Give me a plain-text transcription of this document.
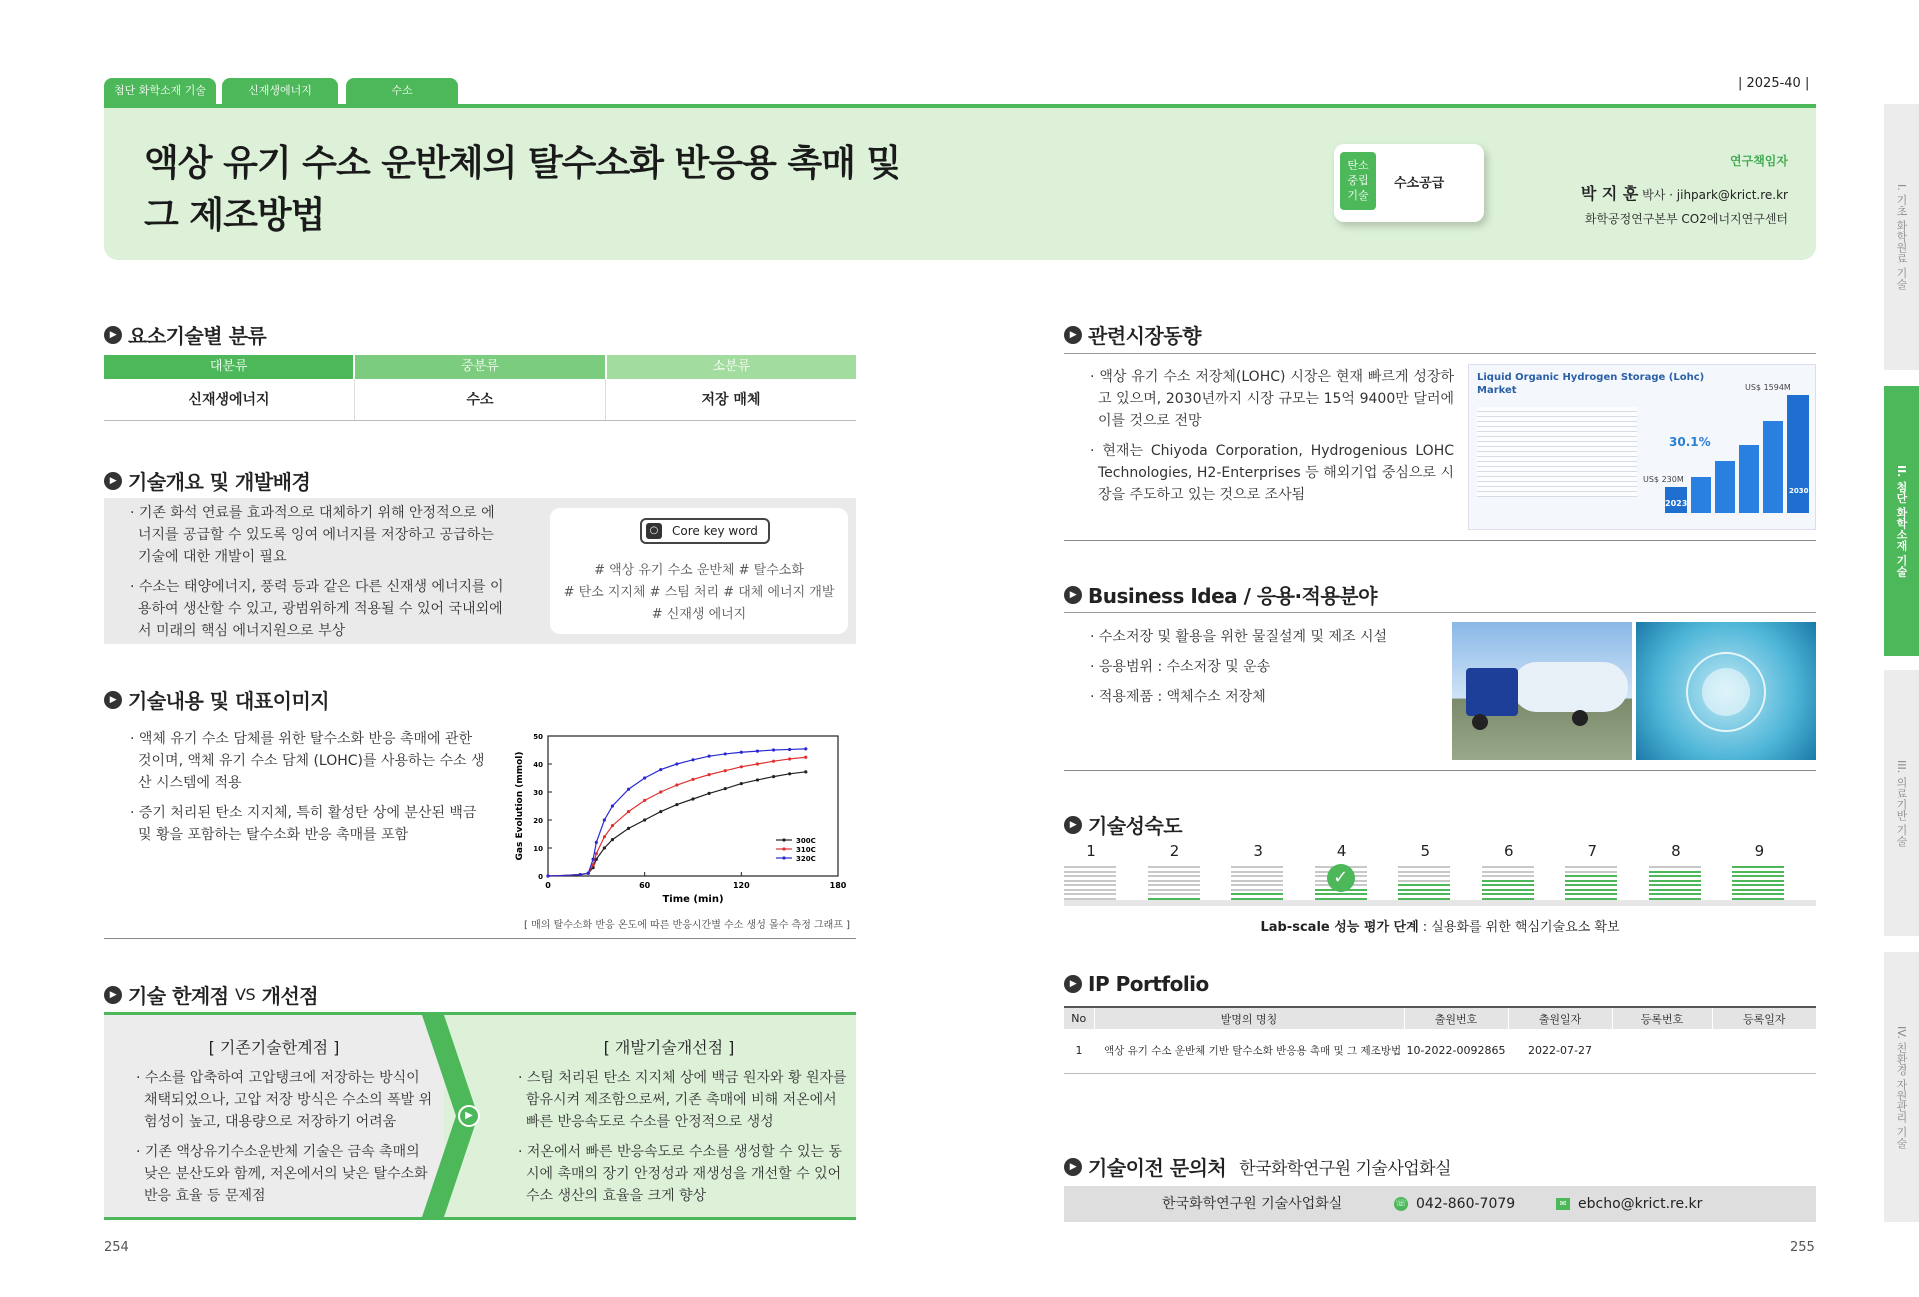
첨단 화학소재 기술	신재생에너지	수소	| 2025-40 |
액상 유기 수소 운반체의 탈수소화 반응용 촉매 및
그 제조방법
탄소
중립
기술
수소공급
연구책임자
박 지 훈 박사 · jihpark@krict.re.kr
화학공정연구본부 CO2에너지연구센터
▶ 요소기술별 분류
대분류	중분류	소분류
신재생에너지	수소	저장 매체
▶ 기술개요 및 개발배경

· 기존 화석 연료를 효과적으로 대체하기 위해 안정적으로 에너지를 공급할 수 있도록 잉여 에너지를 저장하고 공급하는 기술에 대한 개발이 필요

· 수소는 태양에너지, 풍력 등과 같은 다른 신재생 에너지를 이용하여 생산할 수 있고, 광범위하게 적용될 수 있어 국내외에서 미래의 핵심 에너지원으로 부상

○	Core key word
# 액상 유기 수소 운반체 # 탈수소화
# 탄소 지지체 # 스팀 처리 # 대체 에너지 개발
# 신재생 에너지
▶ 기술내용 및 대표이미지

· 액체 유기 수소 담체를 위한 탈수소화 반응 촉매에 관한 것이며, 액체 유기 수소 담체 (LOHC)를 사용하는 수소 생산 시스템에 적용

· 증기 처리된 탄소 지지체, 특히 활성탄 상에 분산된 백금 및 황을 포함하는 탈수소화 반응 촉매를 포함

0	60	120	180
0
10
20
30
40
50
Time (min)
Gas Evolution (mmol)	300C
310C
320C
[ 매의 탈수소화 반응 온도에 따른 반응시간별 수소 생성 몰수 측정 그래프 ]
▶ 기술 한계점
VS
개선점
▶
[ 기존기술한계점 ]

· 수소를 압축하여 고압탱크에 저장하는 방식이 채택되었으나, 고압 저장 방식은 수소의 폭발 위험성이 높고, 대용량으로 저장하기 어려움

· 기존 액상유기수소운반체 기술은 금속 촉매의 낮은 분산도와 함께, 저온에서의 낮은 탈수소화 반응 효율 등 문제점

[ 개발기술개선점 ]

· 스팀 처리된 탄소 지지체 상에 백금 원자와 황 원자를 함유시켜 제조함으로써, 기존 촉매에 비해 저온에서 빠른 반응속도로 수소를 안정적으로 생성

· 저온에서 빠른 반응속도로 수소를 생성할 수 있는 동시에 촉매의 장기 안정성과 재생성을 개선할 수 있어 수소 생산의 효율을 크게 향상

254
▶ 관련시장동향

· 액상 유기 수소 저장체(LOHC) 시장은 현재 빠르게 성장하고 있으며, 2030년까지 시장 규모는 15억 9400만 달러에 이를 것으로 전망

· 현재는 Chiyoda Corporation, Hydrogenious LOHC Technologies, H2-Enterprises 등 해외기업 중심으로 시장을 주도하고 있는 것으로 조사됨

Liquid Organic Hydrogen Storage (Lohc) Market
30.1%
US$ 230M
US$ 1594M
2023
2030
▶ Business Idea / 응용·적용분야

· 수소저장 및 활용을 위한 물질설계 및 제조 시설

· 응용범위 : 수소저장 및 운송

· 적용제품 : 액체수소 저장체

▶ 기술성숙도
1	2	3	4
✓
5	6	7	8	9
Lab-scale 성능 평가 단계 : 실용화를 위한 핵심기술요소 확보
▶ IP Portfolio
No	발명의 명칭	출원번호	출원일자	등록번호	등록일자
1	액상 유기 수소 운반체 기반 탈수소화 반응용 촉매 및 그 제조방법	10-2022-0092865	2022-07-27		
▶ 기술이전 문의처
한국화학연구원 기술사업화실
한국화학연구원 기술사업화실	☏ 042-860-7079	✉ ebcho@krict.re.kr
255
I. 기초 화학원료 기술
II. 첨단 화학소재 기술
III. 의료기반 기술
IV. 친환경 자원관리 기술
